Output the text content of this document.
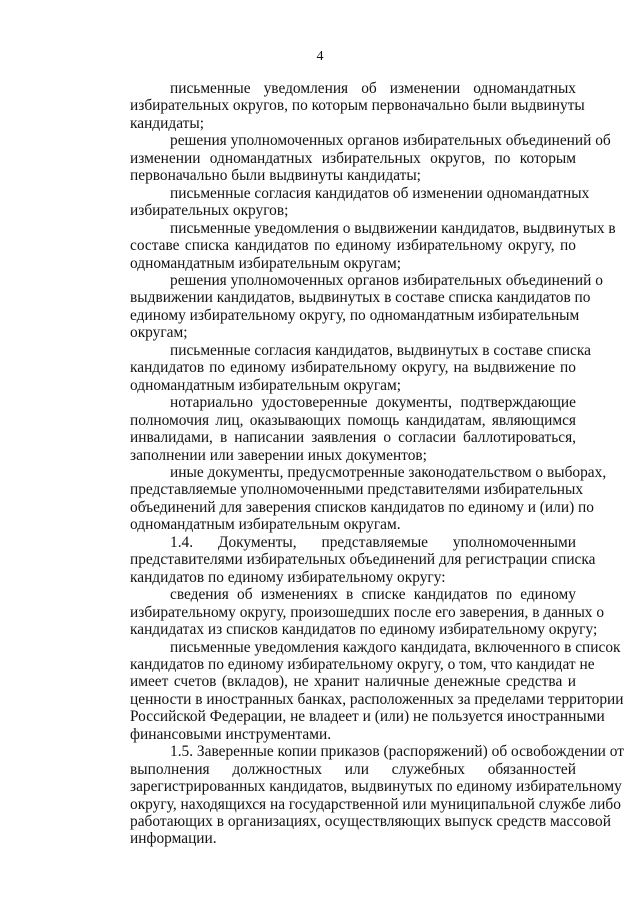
4
письменные уведомления об изменении одномандатных
избирательных округов, по которым первоначально были выдвинуты
кандидаты;
решения уполномоченных органов избирательных объединений об
изменении одномандатных избирательных округов, по которым
первоначально были выдвинуты кандидаты;
письменные согласия кандидатов об изменении одномандатных
избирательных округов;
письменные уведомления о выдвижении кандидатов, выдвинутых в
составе списка кандидатов по единому избирательному округу, по
одномандатным избирательным округам;
решения уполномоченных органов избирательных объединений о
выдвижении кандидатов, выдвинутых в составе списка кандидатов по
единому избирательному округу, по одномандатным избирательным
округам;
письменные согласия кандидатов, выдвинутых в составе списка
кандидатов по единому избирательному округу, на выдвижение по
одномандатным избирательным округам;
нотариально удостоверенные документы, подтверждающие
полномочия лиц, оказывающих помощь кандидатам, являющимся
инвалидами, в написании заявления о согласии баллотироваться,
заполнении или заверении иных документов;
иные документы, предусмотренные законодательством о выборах,
представляемые уполномоченными представителями избирательных
объединений для заверения списков кандидатов по единому и (или) по
одномандатным избирательным округам.
1.4. Документы, представляемые уполномоченными
представителями избирательных объединений для регистрации списка
кандидатов по единому избирательному округу:
сведения об изменениях в списке кандидатов по единому
избирательному округу, произошедших после его заверения, в данных о
кандидатах из списков кандидатов по единому избирательному округу;
письменные уведомления каждого кандидата, включенного в список
кандидатов по единому избирательному округу, о том, что кандидат не
имеет счетов (вкладов), не хранит наличные денежные средства и
ценности в иностранных банках, расположенных за пределами территории
Российской Федерации, не владеет и (или) не пользуется иностранными
финансовыми инструментами.
1.5. Заверенные копии приказов (распоряжений) об освобождении от
выполнения должностных или служебных обязанностей
зарегистрированных кандидатов, выдвинутых по единому избирательному
округу, находящихся на государственной или муниципальной службе либо
работающих в организациях, осуществляющих выпуск средств массовой
информации.
